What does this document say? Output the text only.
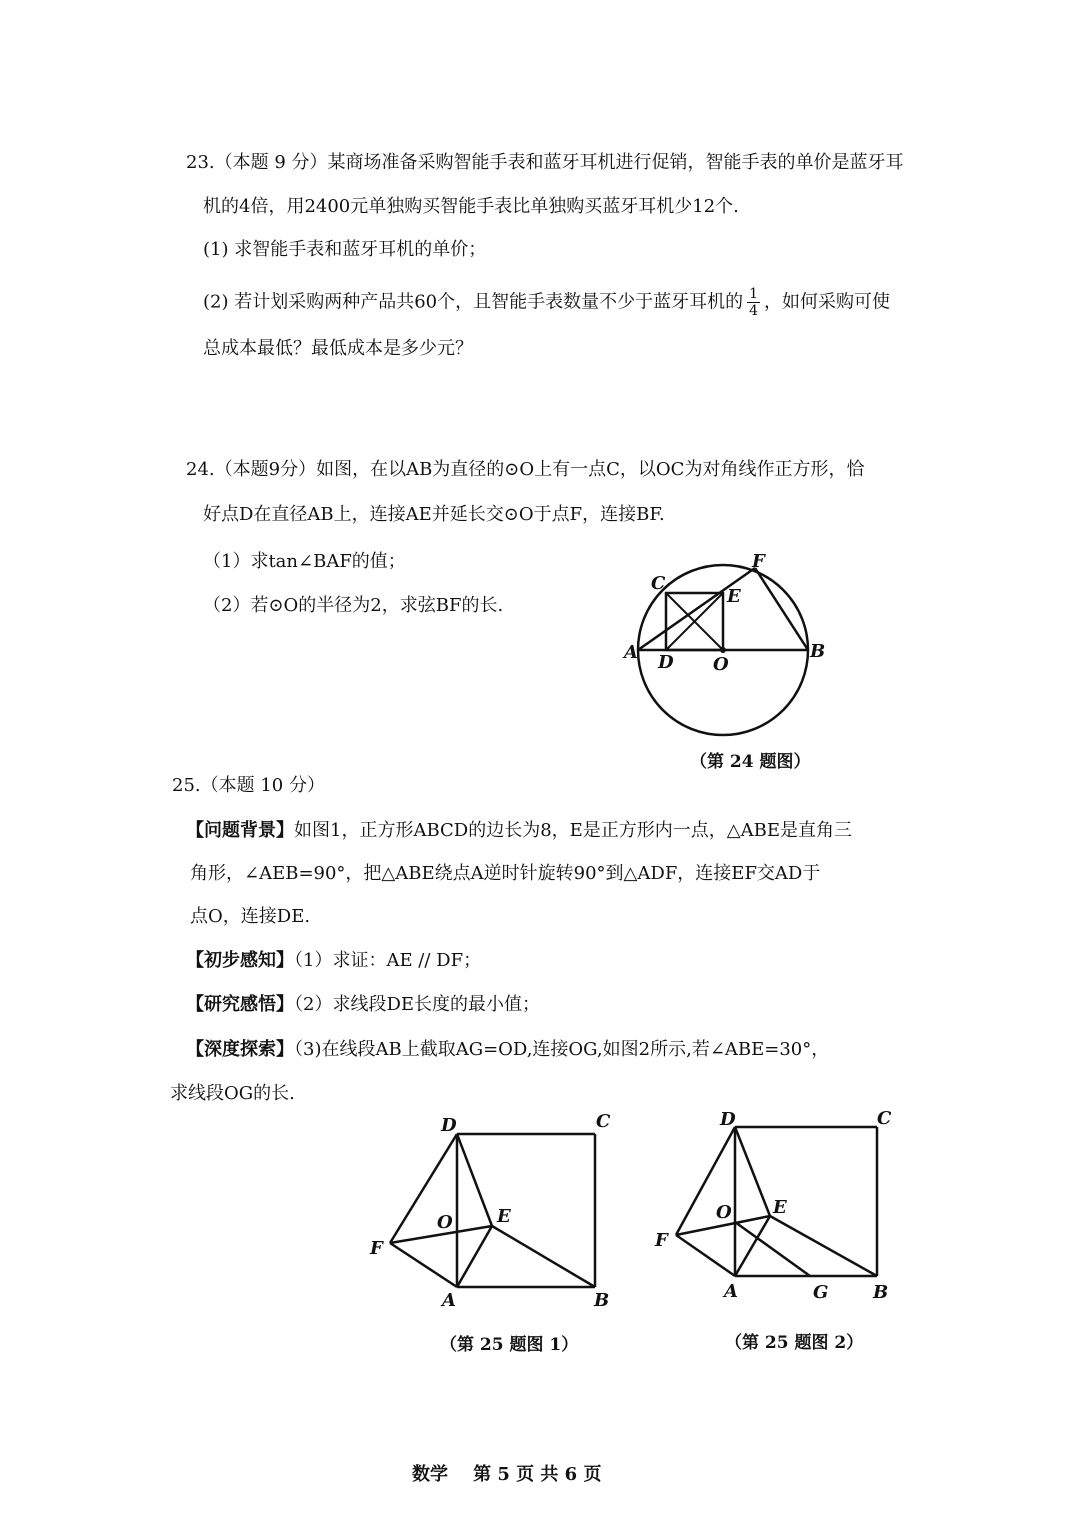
23.（本题 9 分）某商场准备采购智能手表和蓝牙耳机进行促销，智能手表的单价是蓝牙耳
机的4倍，用2400元单独购买智能手表比单独购买蓝牙耳机少12个.
(1) 求智能手表和蓝牙耳机的单价；
(2) 若计划采购两种产品共60个，且智能手表数量不少于蓝牙耳机的 $\frac{1}{4}$ ，如何采购可使
总成本最低？最低成本是多少元？
24.（本题9分）如图，在以AB为直径的⊙O上有一点C，以OC为对角线作正方形，恰
好点D在直径AB上，连接AE并延长交⊙O于点F，连接BF.
（1）求tan∠BAF的值；
（2）若⊙O的半径为2，求弦BF的长.
A	B
C
D
E
F
O
（第 24 题图）
25.（本题 10 分）
【问题背景】如图1，正方形ABCD的边长为8，E是正方形内一点，△ABE是直角三
角形，∠AEB=90°，把△ABE绕点A逆时针旋转90°到△ADF，连接EF交AD于
点O，连接DE.
【初步感知】（1）求证：AE // DF；
【研究感悟】（2）求线段DE长度的最小值；
【深度探索】（3)在线段AB上截取AG=OD,连接OG,如图2所示,若∠ABE=30°，
求线段OG的长.
D	C
E
O
F
A	B
（第 25 题图 1）
D	C
E
O
F
A	G B
（第 25 题图 2）
数学    第 5 页 共 6 页
